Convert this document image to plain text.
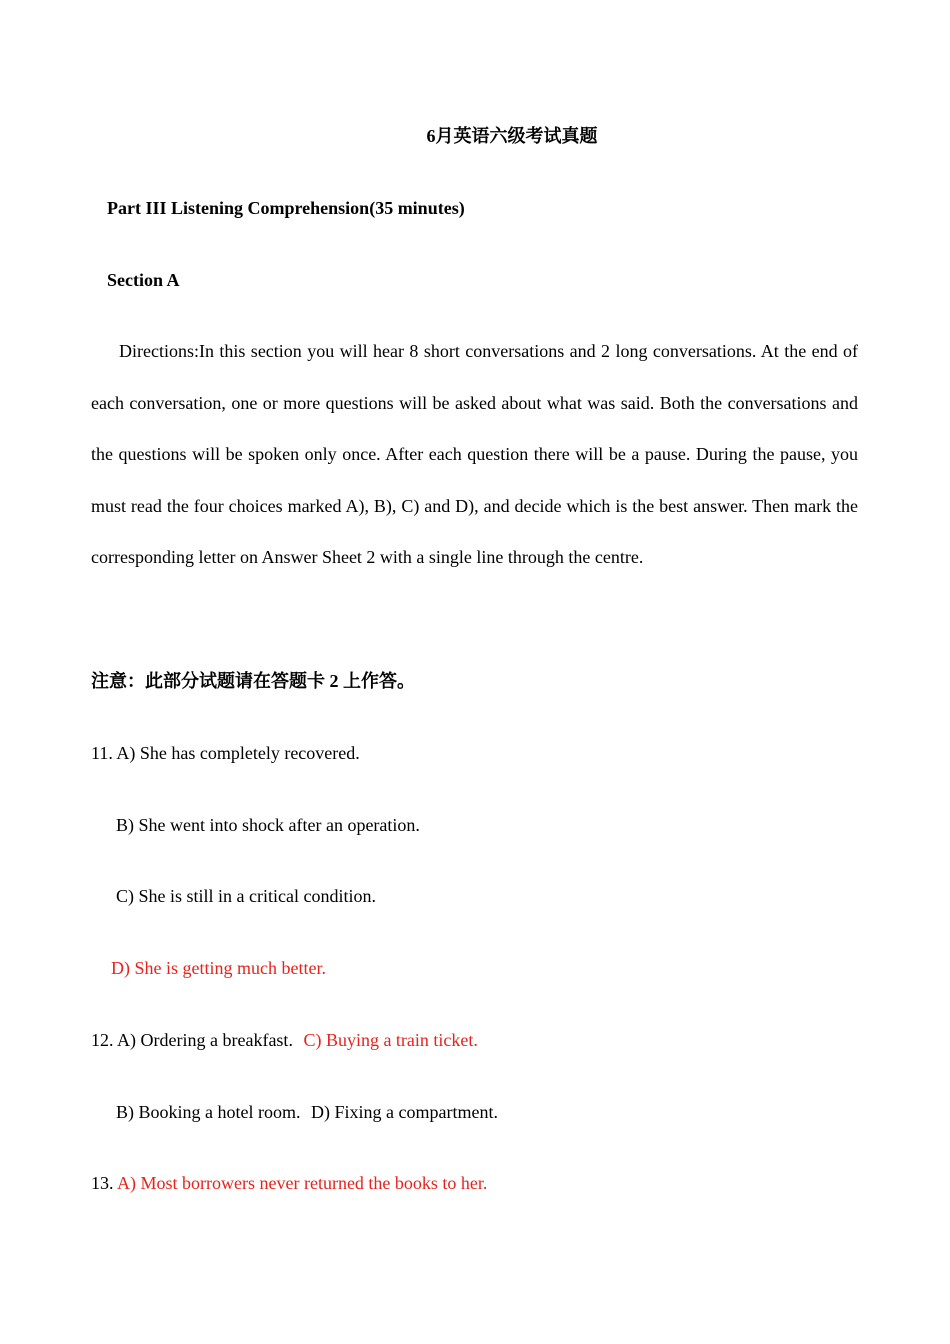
6月英语六级考试真题
Part III Listening Comprehension(35 minutes)
Section A
Directions:In this section you will hear 8 short conversations and 2 long conversations. At the end of each conversation, one or more questions will be asked about what was said. Both the conversations and the questions will be spoken only once. After each question there will be a pause. During the pause, you must read the four choices marked A), B), C) and D), and decide which is the best answer. Then mark the corresponding letter on Answer Sheet 2 with a single line through the centre.
注意：此部分试题请在答题卡 2 上作答。
11. A) She has completely recovered.
B) She went into shock after an operation.
C) She is still in a critical condition.
D) She is getting much better.
12. A) Ordering a breakfast. C) Buying a train ticket.
B) Booking a hotel room. D) Fixing a compartment.
13. A) Most borrowers never returned the books to her.
